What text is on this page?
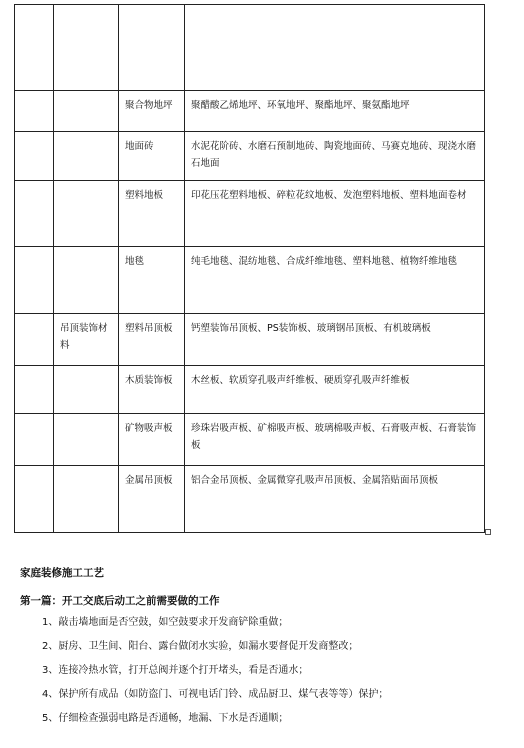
		聚合物地坪	聚醋酸乙烯地坪、环氧地坪、聚酯地坪、聚氨酯地坪
		地面砖	水泥花阶砖、水磨石预制地砖、陶瓷地面砖、马赛克地砖、现浇水磨石地面
		塑料地板	印花压花塑料地板、碎粒花纹地板、发泡塑料地板、塑料地面卷材
		地毯	纯毛地毯、混纺地毯、合成纤维地毯、塑料地毯、植物纤维地毯
	吊顶装饰材料	塑料吊顶板	钙塑装饰吊顶板、PS装饰板、玻璃钢吊顶板、有机玻璃板
		木质装饰板	木丝板、软质穿孔吸声纤维板、硬质穿孔吸声纤维板
		矿物吸声板	珍珠岩吸声板、矿棉吸声板、玻璃棉吸声板、石膏吸声板、石膏装饰板
		金属吊顶板	铝合金吊顶板、金属微穿孔吸声吊顶板、金属箔贴面吊顶板

家庭装修施工工艺

第一篇：开工交底后动工之前需要做的工作

1、敲击墙地面是否空鼓，如空鼓要求开发商铲除重做；
2、厨房、卫生间、阳台、露台做闭水实验，如漏水要督促开发商整改；
3、连接冷热水管，打开总阀并逐个打开堵头，看是否通水；
4、保护所有成品（如防盗门、可视电话门铃、成品厨卫、煤气表等等）保护；
5、仔细检查强弱电路是否通畅，地漏、下水是否通顺；
